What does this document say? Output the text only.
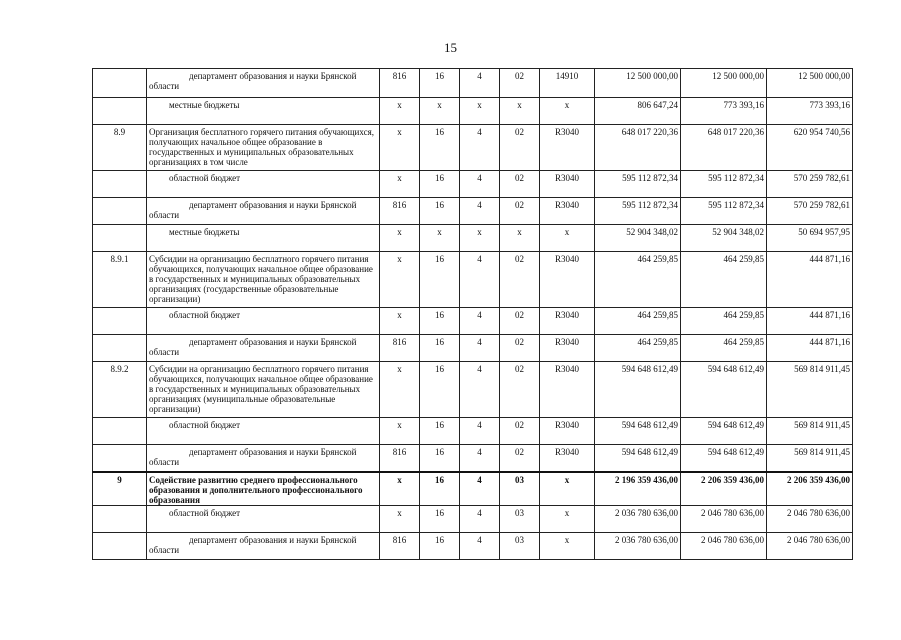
15

	департамент образования и науки Брянской области	816	16	4	02	14910	12 500 000,00	12 500 000,00	12 500 000,00

	местные бюджеты	x	x	x	x	x	806 647,24	773 393,16	773 393,16
8.9	Организация бесплатного горячего питания обучающихся, получающих начальное общее образование в государственных и муниципальных образовательных организациях в том числе	x	16	4	02	R3040	648 017 220,36	648 017 220,36	620 954 740,56

	областной бюджет	x	16	4	02	R3040	595 112 872,34	595 112 872,34	570 259 782,61

	департамент образования и науки Брянской области	816	16	4	02	R3040	595 112 872,34	595 112 872,34	570 259 782,61

	местные бюджеты	x	x	x	x	x	52 904 348,02	52 904 348,02	50 694 957,95
8.9.1	Субсидии на организацию бесплатного горячего питания обучающихся, получающих начальное общее образование в государственных и муниципальных образовательных организациях (государственные образовательные организации)	x	16	4	02	R3040	464 259,85	464 259,85	444 871,16

	областной бюджет	x	16	4	02	R3040	464 259,85	464 259,85	444 871,16

	департамент образования и науки Брянской области	816	16	4	02	R3040	464 259,85	464 259,85	444 871,16
8.9.2	Субсидии на организацию бесплатного горячего питания обучающихся, получающих начальное общее образование в государственных и муниципальных образовательных организациях (муниципальные образовательные организации)	x	16	4	02	R3040	594 648 612,49	594 648 612,49	569 814 911,45

	областной бюджет	x	16	4	02	R3040	594 648 612,49	594 648 612,49	569 814 911,45

	департамент образования и науки Брянской области	816	16	4	02	R3040	594 648 612,49	594 648 612,49	569 814 911,45
9	Содействие развитию среднего профессионального образования и дополнительного профессионального образования	x	16	4	03	x	2 196 359 436,00	2 206 359 436,00	2 206 359 436,00

	областной бюджет	x	16	4	03	x	2 036 780 636,00	2 046 780 636,00	2 046 780 636,00

	департамент образования и науки Брянской области	816	16	4	03	x	2 036 780 636,00	2 046 780 636,00	2 046 780 636,00
